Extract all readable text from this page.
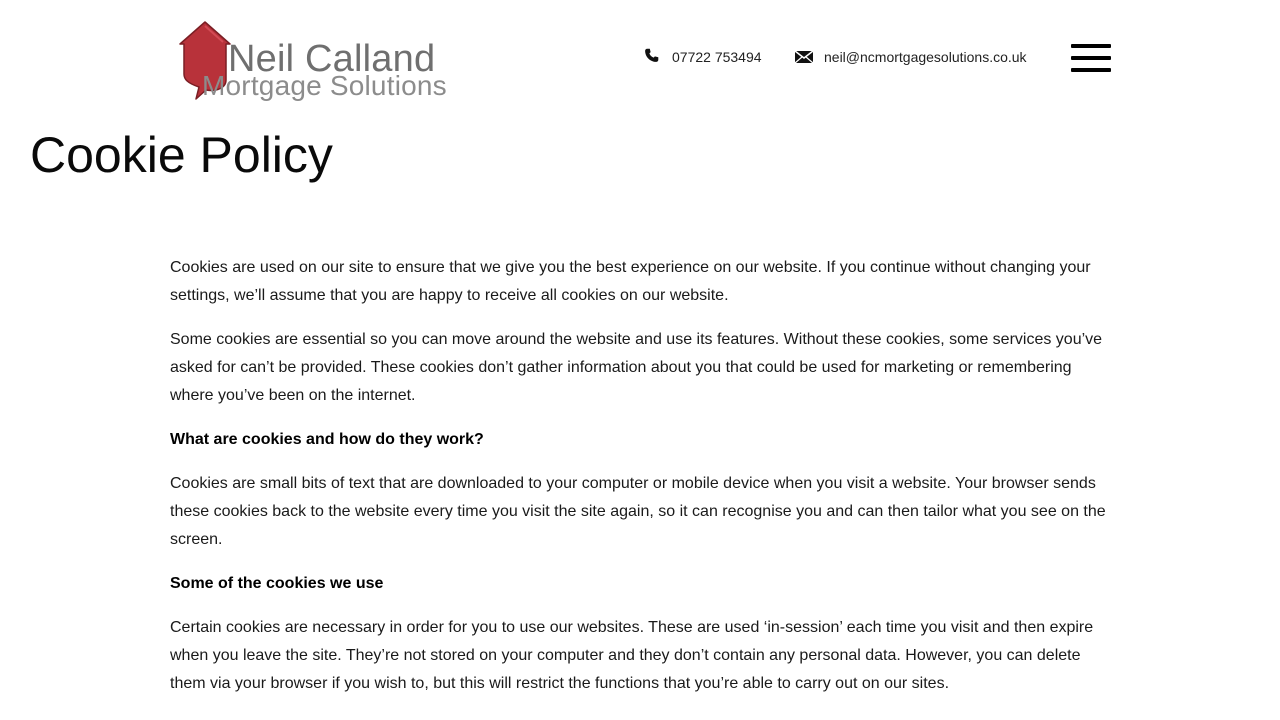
Neil Calland
Mortgage Solutions
07722 753494	neil@ncmortgagesolutions.co.uk
Cookie Policy

Cookies are used on our site to ensure that we give you the best experience on our website. If you continue without changing your settings, we’ll assume that you are happy to receive all cookies on our website.

Some cookies are essential so you can move around the website and use its features. Without these cookies, some services you’ve asked for can’t be provided. These cookies don’t gather information about you that could be used for marketing or remembering where you’ve been on the internet.

What are cookies and how do they work?

Cookies are small bits of text that are downloaded to your computer or mobile device when you visit a website. Your browser sends these cookies back to the website every time you visit the site again, so it can recognise you and can then tailor what you see on the screen.

Some of the cookies we use

Certain cookies are necessary in order for you to use our websites. These are used ‘in-session’ each time you visit and then expire when you leave the site. They’re not stored on your computer and they don’t contain any personal data. However, you can delete them via your browser if you wish to, but this will restrict the functions that you’re able to carry out on our sites.
